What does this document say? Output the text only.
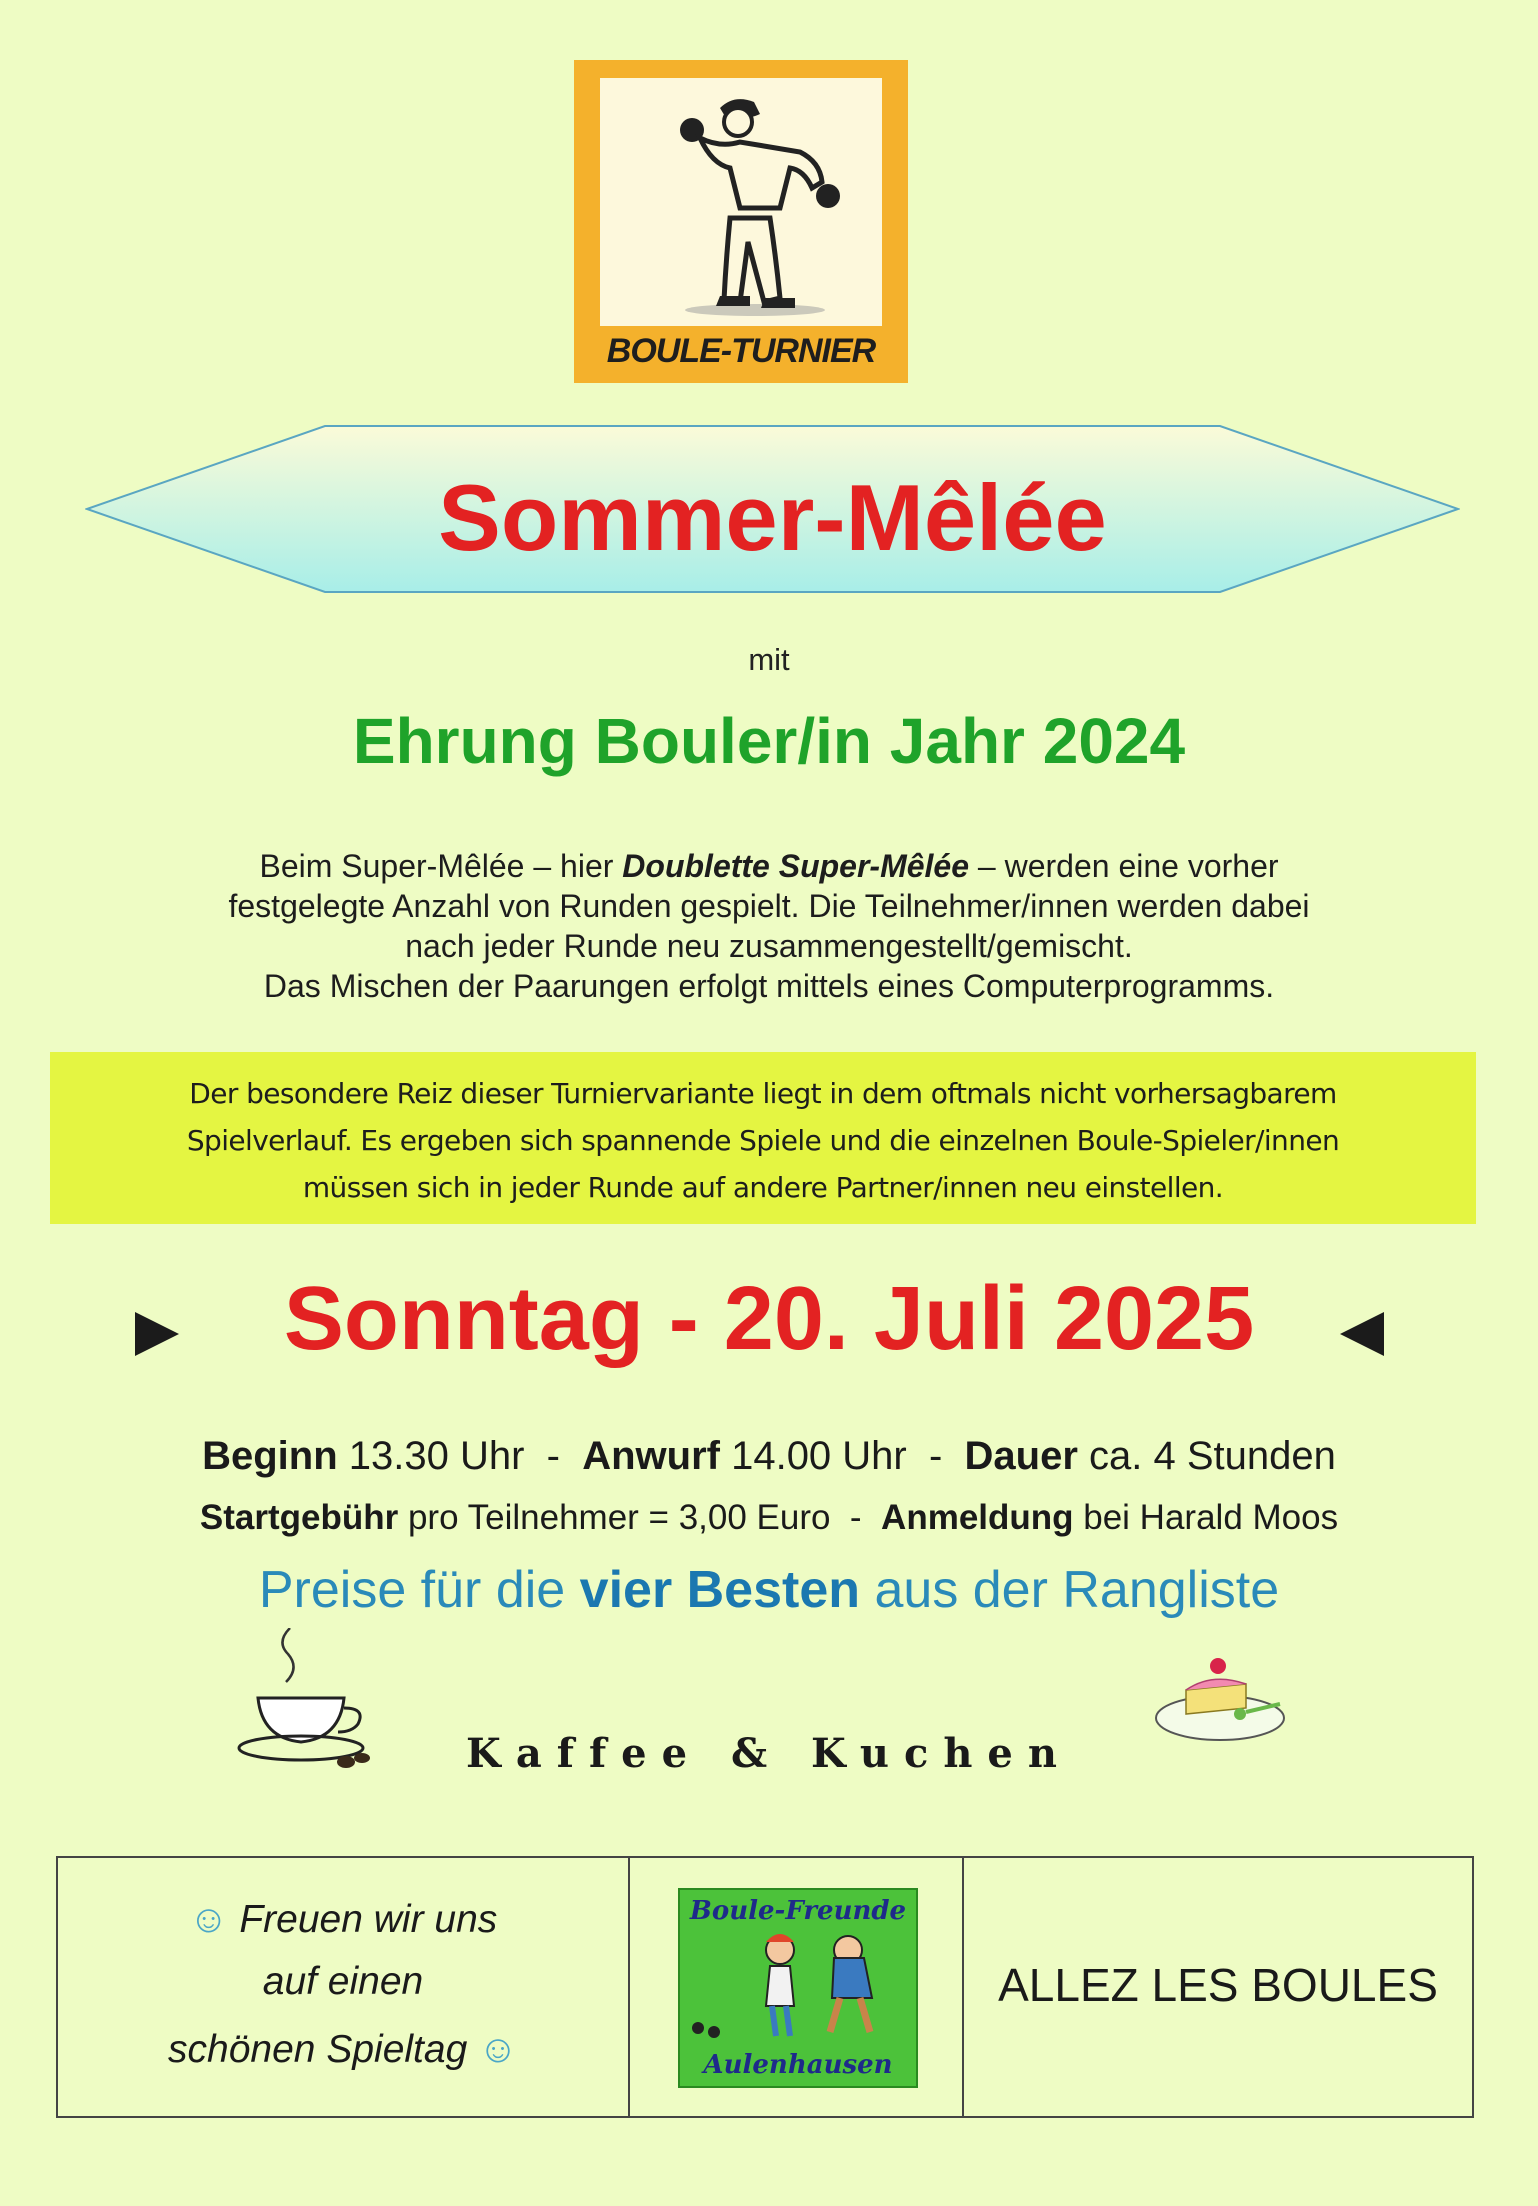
BOULE-TURNIER
Sommer-Mêlée
mit
Ehrung Bouler/in Jahr 2024
Beim Super-Mêlée – hier Doublette Super-Mêlée – werden eine vorher
festgelegte Anzahl von Runden gespielt. Die Teilnehmer/innen werden dabei
nach jeder Runde neu zusammengestellt/gemischt.
Das Mischen der Paarungen erfolgt mittels eines Computerprogramms.

Der besondere Reiz dieser Turniervariante liegt in dem oftmals nicht vorhersagbarem
Spielverlauf. Es ergeben sich spannende Spiele und die einzelnen Boule-Spieler/innen
müssen sich in jeder Runde auf andere Partner/innen neu einstellen.

Sonntag - 20. Juli 2025
Beginn 13.30 Uhr  -  Anwurf 14.00 Uhr  -  Dauer ca. 4 Stunden
Startgebühr pro Teilnehmer = 3,00 Euro  -  Anmeldung bei Harald Moos
Preise für die vier Besten aus der Rangliste
Kaffee & Kuchen
☺ Freuen wir uns
auf einen
schönen Spieltag ☺
Boule-Freunde
Aulenhausen
ALLEZ LES BOULES
